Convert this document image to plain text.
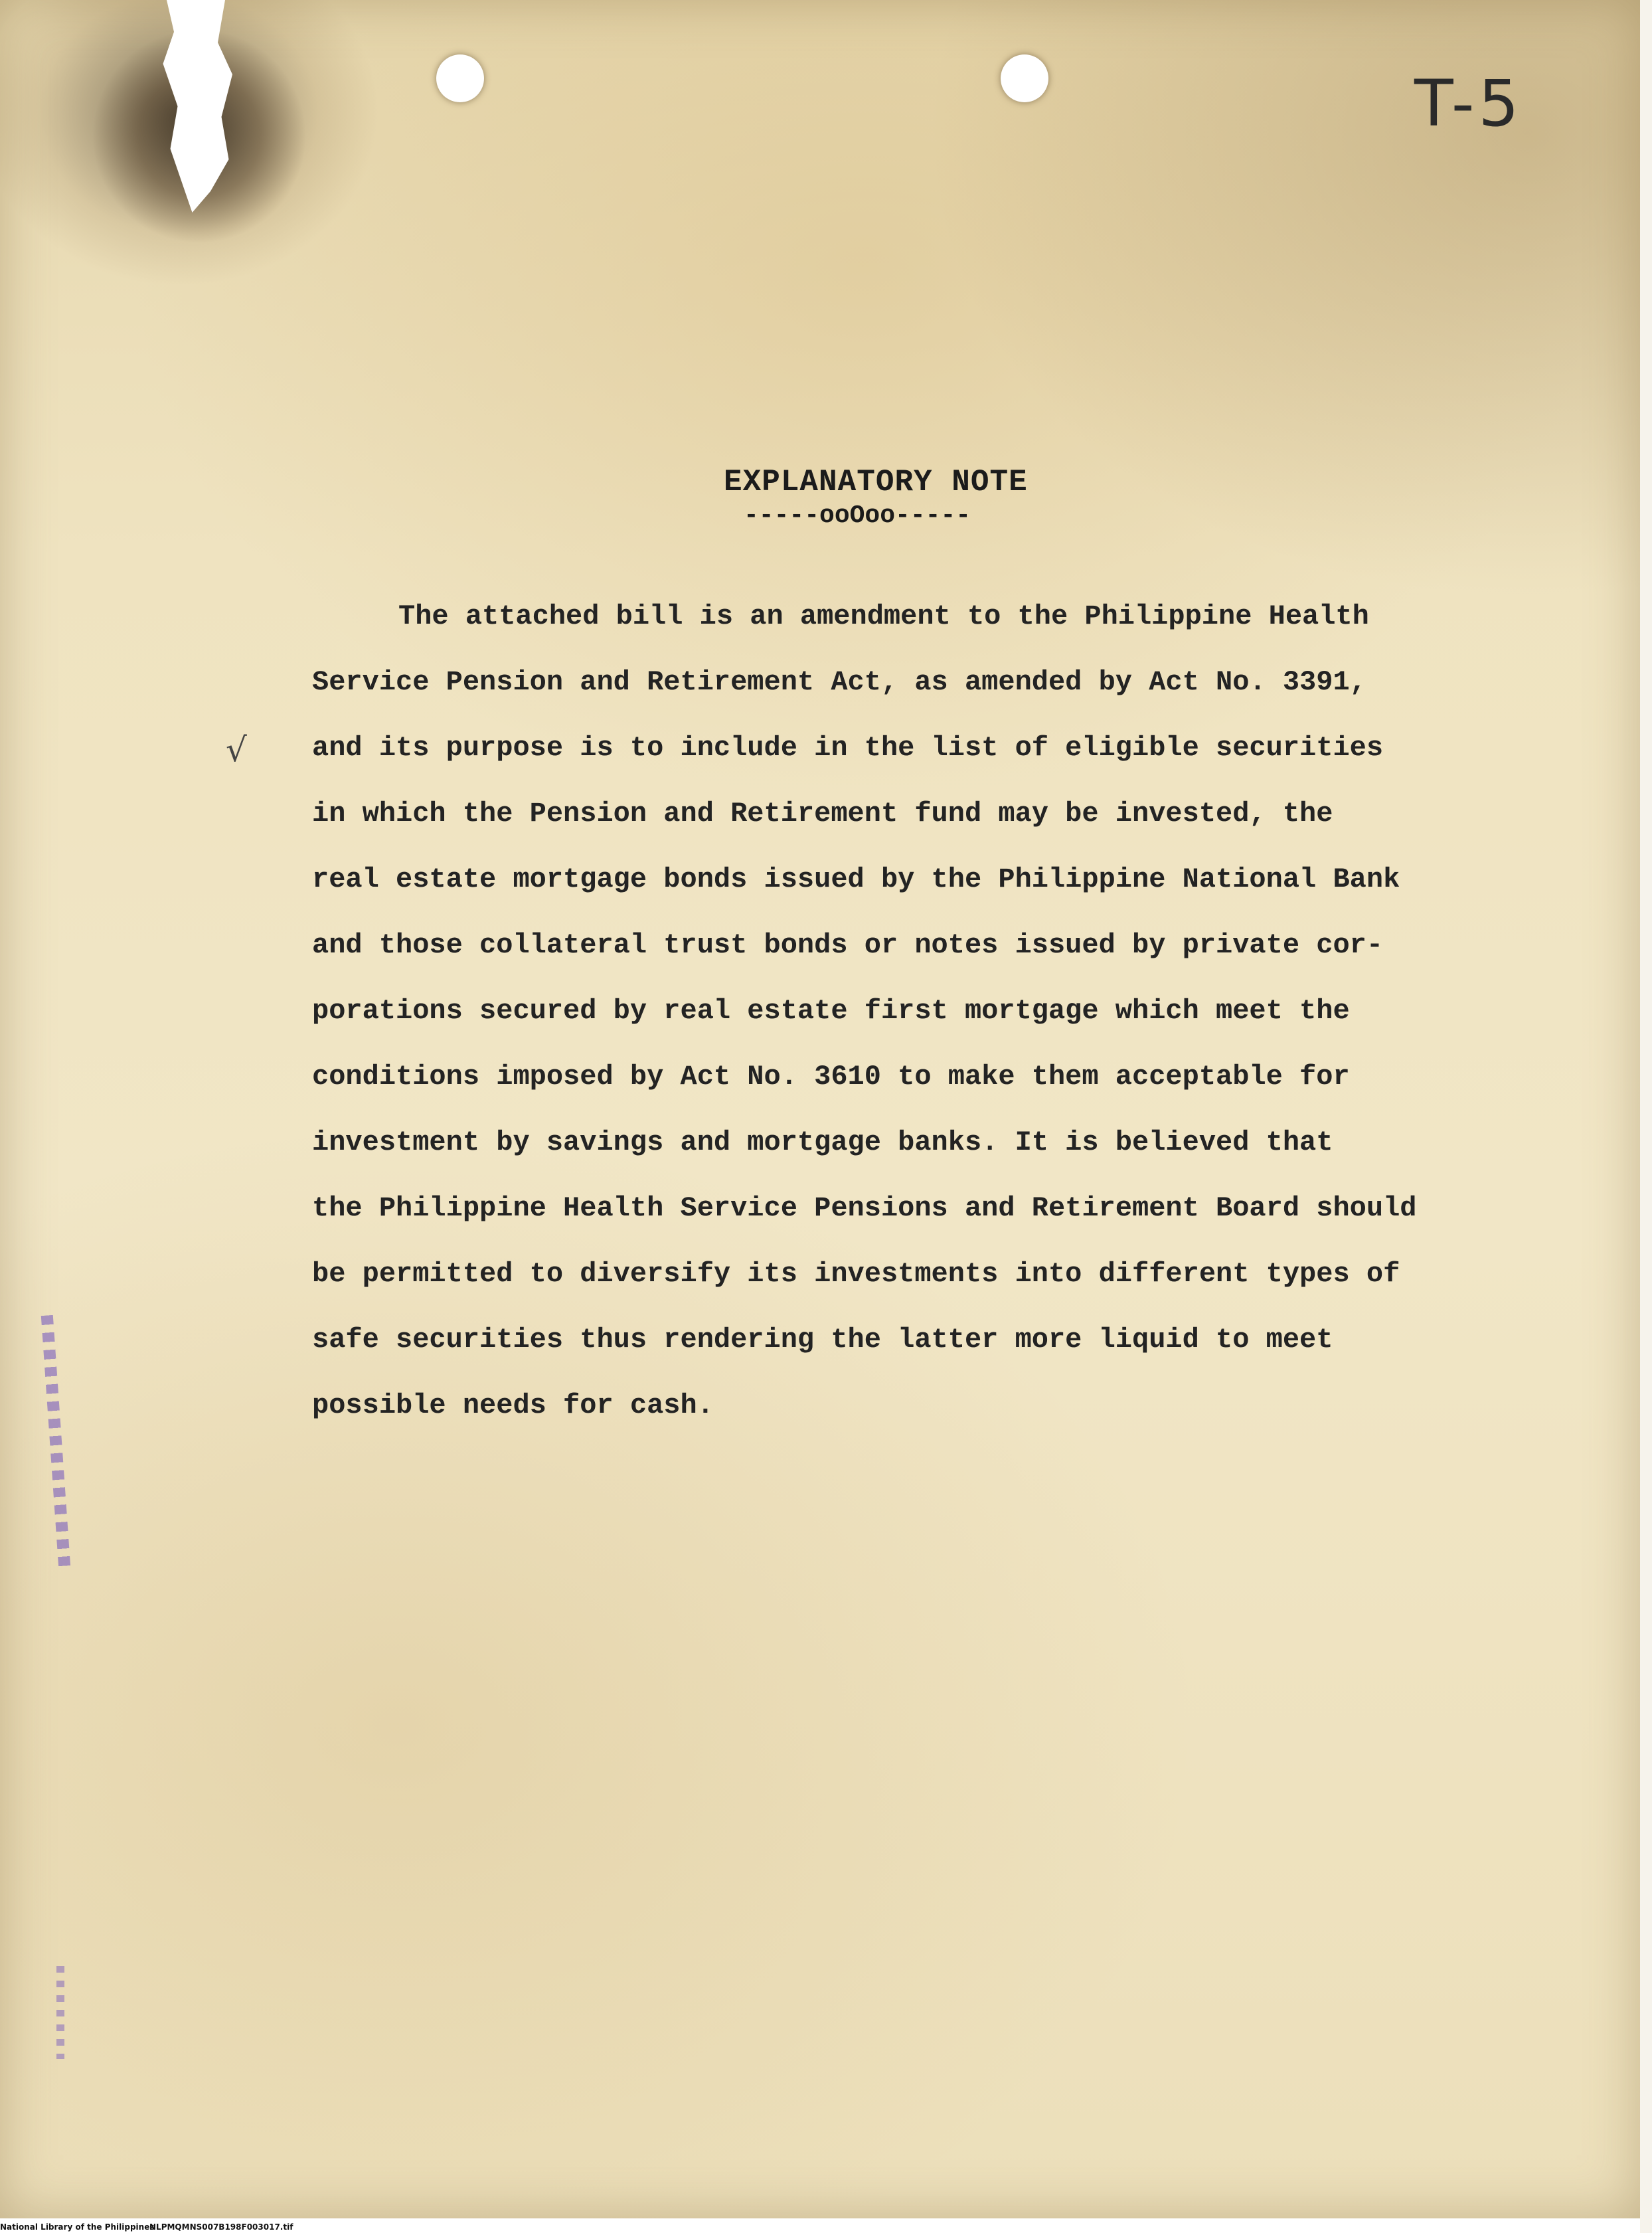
T-5
√
EXPLANATORY NOTE
-----ooOoo-----
The attached bill is an amendment to the Philippine Health
Service Pension and Retirement Act, as amended by Act No. 3391,
and its purpose is to include in the list of eligible securities
in which the Pension and Retirement fund may be invested, the
real estate mortgage bonds issued by the Philippine National Bank
and those collateral trust bonds or notes issued by private cor-
porations secured by real estate first mortgage which meet the
conditions imposed by Act No. 3610 to make them acceptable for
investment by savings and mortgage banks. It is believed that
the Philippine Health Service Pensions and Retirement Board should
be permitted to diversify its investments into different types of
safe securities thus rendering the latter more liquid to meet
possible needs for cash.
National Library of the Philippines
NLPMQMNS007B198F003017.tif
